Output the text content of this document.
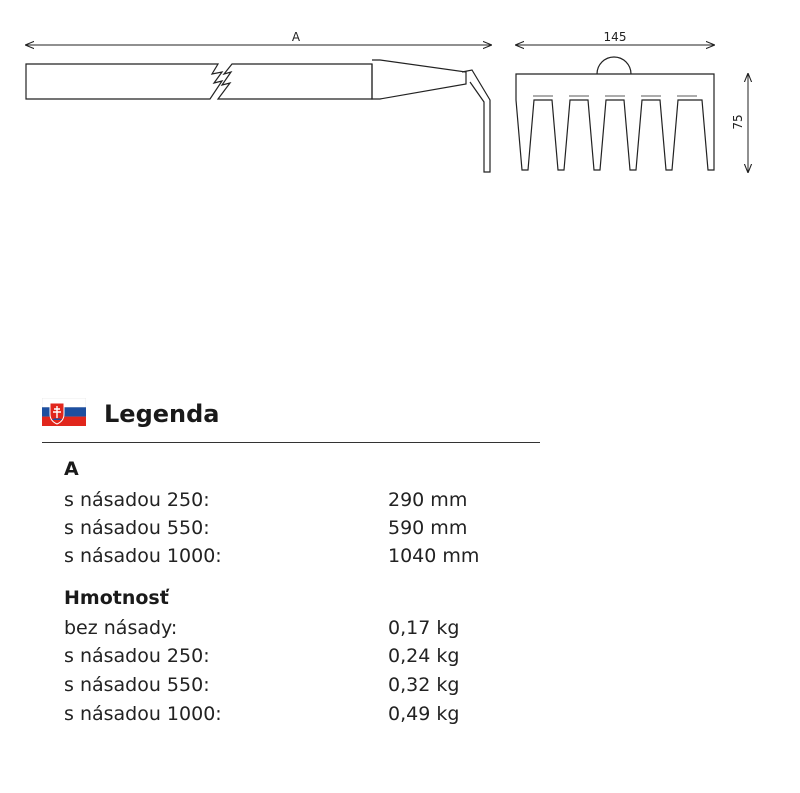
A	145
75
Legenda
A
s násadou 250:	290 mm
s násadou 550:	590 mm
s násadou 1000:	1040 mm
Hmotnosť
bez násady:	0,17 kg
s násadou 250:	0,24 kg
s násadou 550:	0,32 kg
s násadou 1000:	0,49 kg
